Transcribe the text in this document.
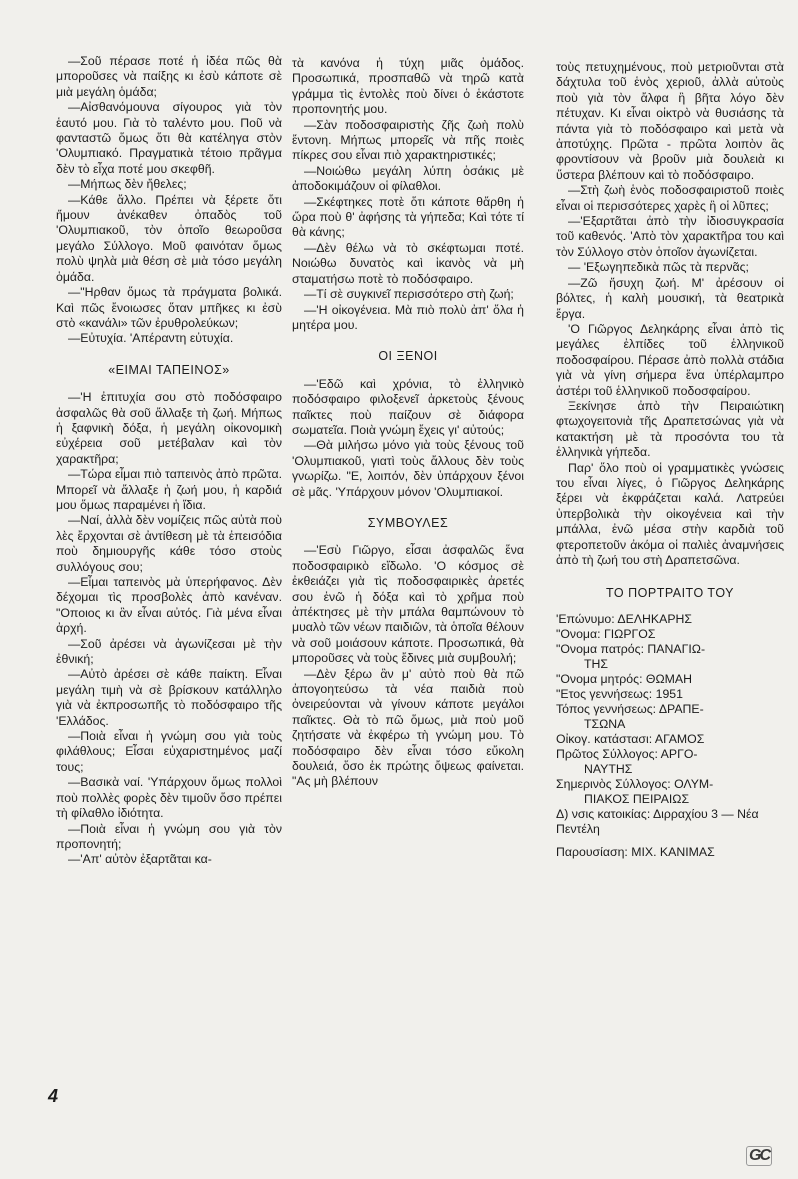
—Σοῦ πέρασε ποτέ ἡ ἰδέα πῶς θὰ μποροῦσες νὰ παίξης κι ἐσὺ κάποτε σὲ μιὰ μεγάλη ὁμάδα;

—Αἰσθανόμουνα σίγουρος γιὰ τὸν ἑαυτό μου. Γιὰ τὸ ταλέντο μου. Ποῦ νὰ φανταστῶ ὅμως ὅτι θὰ κατέληγα στὸν 'Ολυμπιακό. Πραγματικὰ τέτοιο πρᾶγμα δὲν τὸ εἶχα ποτέ μου σκεφθῆ.

—Μήπως δὲν ἤθελες;

—Κάθε ἄλλο. Πρέπει νὰ ξέρετε ὅτι ἤμουν ἀνέκαθεν ὀπαδὸς τοῦ 'Ολυμπιακοῦ, τὸν ὁποῖο θεωροῦσα μεγάλο Σύλλογο. Μοῦ φαινόταν ὅμως πολὺ ψηλὰ μιὰ θέση σὲ μιὰ τόσο μεγάλη ὁμάδα.

—"Ηρθαν ὅμως τὰ πράγματα βολικά. Καὶ πῶς ἔνοιωσες ὅταν μπῆκες κι ἐσὺ στὸ «κανάλι» τῶν ἐρυθρολεύκων;

—Εὐτυχία. 'Απέραντη εὐτυχία.

«ΕΙΜΑΙ ΤΑΠΕΙΝΟΣ»

—'Η ἐπιτυχία σου στὸ ποδόσφαιρο ἀσφαλῶς θὰ σοῦ ἄλλαξε τὴ ζωή. Μήπως ἡ ξαφνικὴ δόξα, ἡ μεγάλη οἰκονομικὴ εὐχέρεια σοῦ μετέβαλαν καὶ τὸν χαρακτῆρα;

—Τώρα εἶμαι πιὸ ταπεινὸς ἀπὸ πρῶτα. Μπορεῖ νὰ ἄλλαξε ἡ ζωή μου, ἡ καρδιά μου ὅμως παραμένει ἡ ἴδια.

—Ναί, ἀλλὰ δὲν νομίζεις πῶς αὐτὰ ποὺ λὲς ἔρχονται σὲ ἀντίθεση μὲ τὰ ἐπεισόδια ποὺ δημιουργῆς κάθε τόσο στοὺς συλλόγους σου;

—Εἶμαι ταπεινὸς μὰ ὑπερήφανος. Δὲν δέχομαι τὶς προσβολὲς ἀπὸ κανέναν. "Οποιος κι ἂν εἶναι αὐτός. Γιὰ μένα εἶναι ἀρχή.

—Σοῦ ἀρέσει νὰ ἀγωνίζεσαι μὲ τὴν ἐθνική;

—Αὐτὸ ἀρέσει σὲ κάθε παίκτη. Εἶναι μεγάλη τιμὴ νὰ σὲ βρίσκουν κατάλληλο γιὰ νὰ ἐκπροσωπῆς τὸ ποδόσφαιρο τῆς 'Ελλάδος.

—Ποιὰ εἶναι ἡ γνώμη σου γιὰ τοὺς φιλάθλους; Εἶσαι εὐχαριστημένος μαζί τους;

—Βασικὰ ναί. 'Υπάρχουν ὅμως πολλοὶ ποὺ πολλὲς φορὲς δὲν τιμοῦν ὅσο πρέπει τὴ φίλαθλο ἰδιότητα.

—Ποιὰ εἶναι ἡ γνώμη σου γιὰ τὸν προπονητή;

—'Απ' αὐτὸν ἐξαρτᾶται κα-

τὰ κανόνα ἡ τύχη μιᾶς ὁμάδος. Προσωπικά, προσπαθῶ νὰ τηρῶ κατὰ γράμμα τὶς ἐντολὲς ποὺ δίνει ὁ ἑκάστοτε προπονητής μου.

—Σὰν ποδοσφαιριστὴς ζῆς ζωὴ πολὺ ἔντονη. Μήπως μπορεῖς νὰ πῆς ποιὲς πίκρες σου εἶναι πιὸ χαρακτηριστικές;

—Νοιώθω μεγάλη λύπη ὁσάκις μὲ ἀποδοκιμάζουν οἱ φίλαθλοι.

—Σκέφτηκες ποτὲ ὅτι κάποτε θἄρθη ἡ ὥρα ποὺ θ' ἀφήσης τὰ γήπεδα; Καὶ τότε τί θὰ κάνης;

—Δὲν θέλω νὰ τὸ σκέφτωμαι ποτέ. Νοιώθω δυνατὸς καὶ ἱκανὸς νὰ μὴ σταματήσω ποτὲ τὸ ποδόσφαιρο.

—Τί σὲ συγκινεῖ περισσότερο στὴ ζωή;

—'Η οἰκογένεια. Μὰ πιὸ πολὺ ἀπ' ὅλα ἡ μητέρα μου.

ΟΙ ΞΕΝΟΙ

—'Εδῶ καὶ χρόνια, τὸ ἑλληνικὸ ποδόσφαιρο φιλοξενεῖ ἀρκετοὺς ξένους παῖκτες ποὺ παίζουν σὲ διάφορα σωματεῖα. Ποιὰ γνώμη ἔχεις γι' αὐτούς;

—Θὰ μιλήσω μόνο γιὰ τοὺς ξένους τοῦ 'Ολυμπιακοῦ, γιατὶ τοὺς ἄλλους δὲν τοὺς γνωρίζω. "Ε, λοιπόν, δὲν ὑπάρχουν ξένοι σὲ μᾶς. 'Υπάρχουν μόνον 'Ολυμπιακοί.

ΣΥΜΒΟΥΛΕΣ

—'Εσὺ Γιῶργο, εἶσαι ἀσφαλῶς ἕνα ποδοσφαιρικὸ εἴδωλο. 'Ο κόσμος σὲ ἐκθειάζει γιὰ τὶς ποδοσφαιρικὲς ἀρετές σου ἐνῶ ἡ δόξα καὶ τὸ χρῆμα ποὺ ἀπέκτησες μὲ τὴν μπάλα θαμπώνουν τὸ μυαλὸ τῶν νέων παιδιῶν, τὰ ὁποῖα θέλουν νὰ σοῦ μοιάσουν κάποτε. Προσωπικά, θὰ μποροῦσες νὰ τοὺς ἔδινες μιὰ συμβουλή;

—Δὲν ξέρω ἂν μ' αὐτὸ ποὺ θὰ πῶ ἀπογοητεύσω τὰ νέα παιδιὰ ποὺ ὀνειρεύονται νὰ γίνουν κάποτε μεγάλοι παῖκτες. Θὰ τὸ πῶ ὅμως, μιὰ ποὺ μοῦ ζητήσατε νὰ ἐκφέρω τὴ γνώμη μου. Τὸ ποδόσφαιρο δὲν εἶναι τόσο εὔκολη δουλειά, ὅσο ἐκ πρώτης ὄψεως φαίνεται. "Ας μὴ βλέπουν

τοὺς πετυχημένους, ποὺ μετριοῦνται στὰ δάχτυλα τοῦ ἑνὸς χεριοῦ, ἀλλὰ αὐτοὺς ποὺ γιὰ τὸν ἄλφα ἢ βῆτα λόγο δὲν πέτυχαν. Κι εἶναι οἰκτρὸ νὰ θυσιάσης τὰ πάντα γιὰ τὸ ποδόσφαιρο καὶ μετὰ νὰ ἀποτύχης. Πρῶτα - πρῶτα λοιπὸν ἂς φροντίσουν νὰ βροῦν μιὰ δουλειὰ κι ὕστερα βλέπουν καὶ τὸ ποδόσφαιρο.

—Στὴ ζωὴ ἑνὸς ποδοσφαιριστοῦ ποιὲς εἶναι οἱ περισσότερες χαρὲς ἢ οἱ λῦπες;

—'Εξαρτᾶται ἀπὸ τὴν ἰδιοσυγκρασία τοῦ καθενός. 'Απὸ τὸν χαρακτῆρα του καὶ τὸν Σύλλογο στὸν ὁποῖον ἀγωνίζεται.

— 'Εξωγηπεδικὰ πῶς τὰ περνᾶς;

—Ζῶ ἥσυχη ζωή. Μ' ἀρέσουν οἱ βόλτες, ἡ καλὴ μουσική, τὰ θεατρικὰ ἔργα.

'Ο Γιῶργος Δεληκάρης εἶναι ἀπὸ τὶς μεγάλες ἐλπίδες τοῦ ἑλληνικοῦ ποδοσφαίρου. Πέρασε ἀπὸ πολλὰ στάδια γιὰ νὰ γίνη σήμερα ἕνα ὑπέρλαμπρο ἀστέρι τοῦ ἑλληνικοῦ ποδοσφαίρου.

Ξεκίνησε ἀπὸ τὴν Πειραιώτικη φτωχογειτονιὰ τῆς Δραπετσώνας γιὰ νὰ κατακτήση μὲ τὰ προσόντα του τὰ ἑλληνικὰ γήπεδα.

Παρ' ὅλο ποὺ οἱ γραμματικὲς γνώσεις του εἶναι λίγες, ὁ Γιῶργος Δεληκάρης ξέρει νὰ ἐκφράζεται καλά. Λατρεύει ὑπερβολικὰ τὴν οἰκογένεια καὶ τὴν μπάλλα, ἐνῶ μέσα στὴν καρδιὰ τοῦ φτεροπετοῦν ἀκόμα οἱ παλιὲς ἀναμνήσεις ἀπὸ τὴ ζωή του στὴ Δραπετσῶνα.

ΤΟ ΠΟΡΤΡΑΙΤΟ ΤΟΥ

'Επώνυμο: ΔΕΛΗΚΑΡΗΣ

"Ονομα: ΓΙΩΡΓΟΣ

"Ονομα πατρός: ΠΑΝΑΓΙΩ-

ΤΗΣ

"Ονομα μητρός: ΘΩΜΑΗ

"Ετος γεννήσεως: 1951

Τόπος γεννήσεως: ΔΡΑΠΕ-

ΤΣΩΝΑ

Οἰκογ. κατάστασι: ΑΓΑΜΟΣ

Πρῶτος Σύλλογος: ΑΡΓΟ-

ΝΑΥΤΗΣ

Σημερινὸς Σύλλογος: ΟΛΥΜ-

ΠΙΑΚΟΣ ΠΕΙΡΑΙΩΣ

Δ) νσις κατοικίας: Διρραχίου 3 — Νέα Πεντέλη

Παρουσίαση: ΜΙΧ. ΚΑΝΙΜΑΣ

4
GC
